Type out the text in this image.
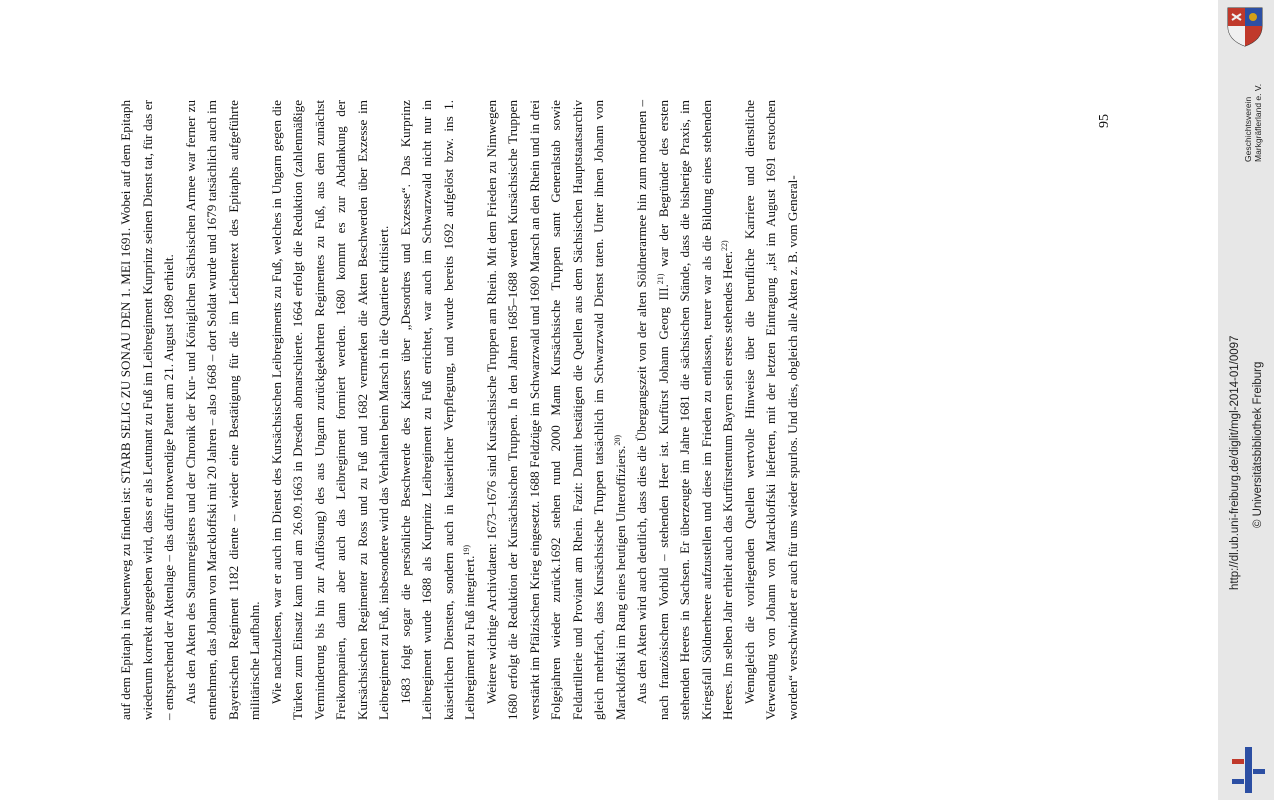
auf dem Epitaph in Neuenweg zu finden ist: STARB SELIG ZU SONAU DEN 1. MEI 1691. Wobei auf dem Epitaph wiederum korrekt angegeben wird, dass er als Leutnant zu Fuß im Leibregiment Kurprinz seinen Dienst tat, für das er – entsprechend der Aktenlage – das dafür notwendige Patent am 21. August 1689 erhielt. Aus den Akten des Stammregisters und der Chronik der Kur- und Königlichen Sächsischen Armee war ferner zu entnehmen, das Johann von Marckloffski mit 20 Jahren – also 1668 – dort Soldat wurde und 1679 tatsächlich auch im Bayerischen Regiment 1182 diente – wieder eine Bestätigung für die im Leichentext des Epitaphs aufgeführte militärische Laufbahn. Wie nachzulesen, war er auch im Dienst des Kursächsischen Leibregiments zu Fuß, welches in Ungarn gegen die Türken zum Einsatz kam und am 26.09.1663 in Dresden abmarschierte. 1664 erfolgt die Reduktion (zahlenmäßige Verminderung bis hin zur Auflösung) des aus Ungarn zurückgekehrten Regimentes zu Fuß, aus dem zunächst Freikompanien, dann aber auch das Leibregiment formiert werden. 1680 kommt es zur Abdankung der Kursächsischen Regimenter zu Ross und zu Fuß und 1682 vermerken die Akten Beschwerden über Exzesse im Leibregiment zu Fuß, insbesondere wird das Verhalten beim Marsch in die Quartiere kritisiert. 1683 folgt sogar die persönliche Beschwerde des Kaisers über „Desordres und Exzesse“. Das Kurprinz Leibregiment wurde 1688 als Kurprinz Leibregiment zu Fuß errichtet, war auch im Schwarzwald nicht nur in kaiserlichen Diensten, sondern auch in kaiserlicher Verpflegung, und wurde bereits 1692 aufgelöst bzw. ins 1. Leibregiment zu Fuß integriert.$^{19)}$ Weitere wichtige Archivdaten: 1673–1676 sind Kursächsische Truppen am Rhein. Mit dem Frieden zu Nimwegen 1680 erfolgt die Reduktion der Kursächsischen Truppen. In den Jahren 1685–1688 werden Kursächsische Truppen verstärkt im Pfälzischen Krieg eingesetzt. 1688 Feldzüge im Schwarzwald und 1690 Marsch an den Rhein und in drei Folgejahren wieder zurück.1692 stehen rund 2000 Mann Kursächsische Truppen samt Generalstab sowie Feldartillerie und Proviant am Rhein. Fazit: Damit bestätigen die Quellen aus dem Sächsischen Hauptstaatsarchiv gleich mehrfach, dass Kursächsische Truppen tatsächlich im Schwarzwald Dienst taten. Unter ihnen Johann von Marckloffski im Rang eines heutigen Unteroffiziers.$^{20)}$ Aus den Akten wird auch deutlich, dass dies die Übergangszeit von der alten Söldnerarmee hin zum modernen – nach französischem Vorbild – stehenden Heer ist. Kurfürst Johann Georg III.$^{21)}$ war der Begründer des ersten stehenden Heeres in Sachsen. Er überzeugte im Jahre 1681 die sächsischen Stände, dass die bisherige Praxis, im Kriegsfall Söldnerheere aufzustellen und diese im Frieden zu entlassen, teurer war als die Bildung eines stehenden Heeres. Im selben Jahr erhielt auch das Kurfürstentum Bayern sein erstes stehendes Heer.$^{22)}$ Wenngleich die vorliegenden Quellen wertvolle Hinweise über die berufliche Karriere und dienstliche Verwendung von Johann von Marckloffski lieferten, mit der letzten Eintragung „ist im August 1691 erstochen worden“ verschwindet er auch für uns wieder spurlos. Und dies, obgleich alle Akten z. B. vom General-

95	Geschichtsverein Markgräflerland e. V.
http://dl.ub.uni-freiburg.de/diglit/mgl-2014-01/0097 © Universitätsbibliothek Freiburg
